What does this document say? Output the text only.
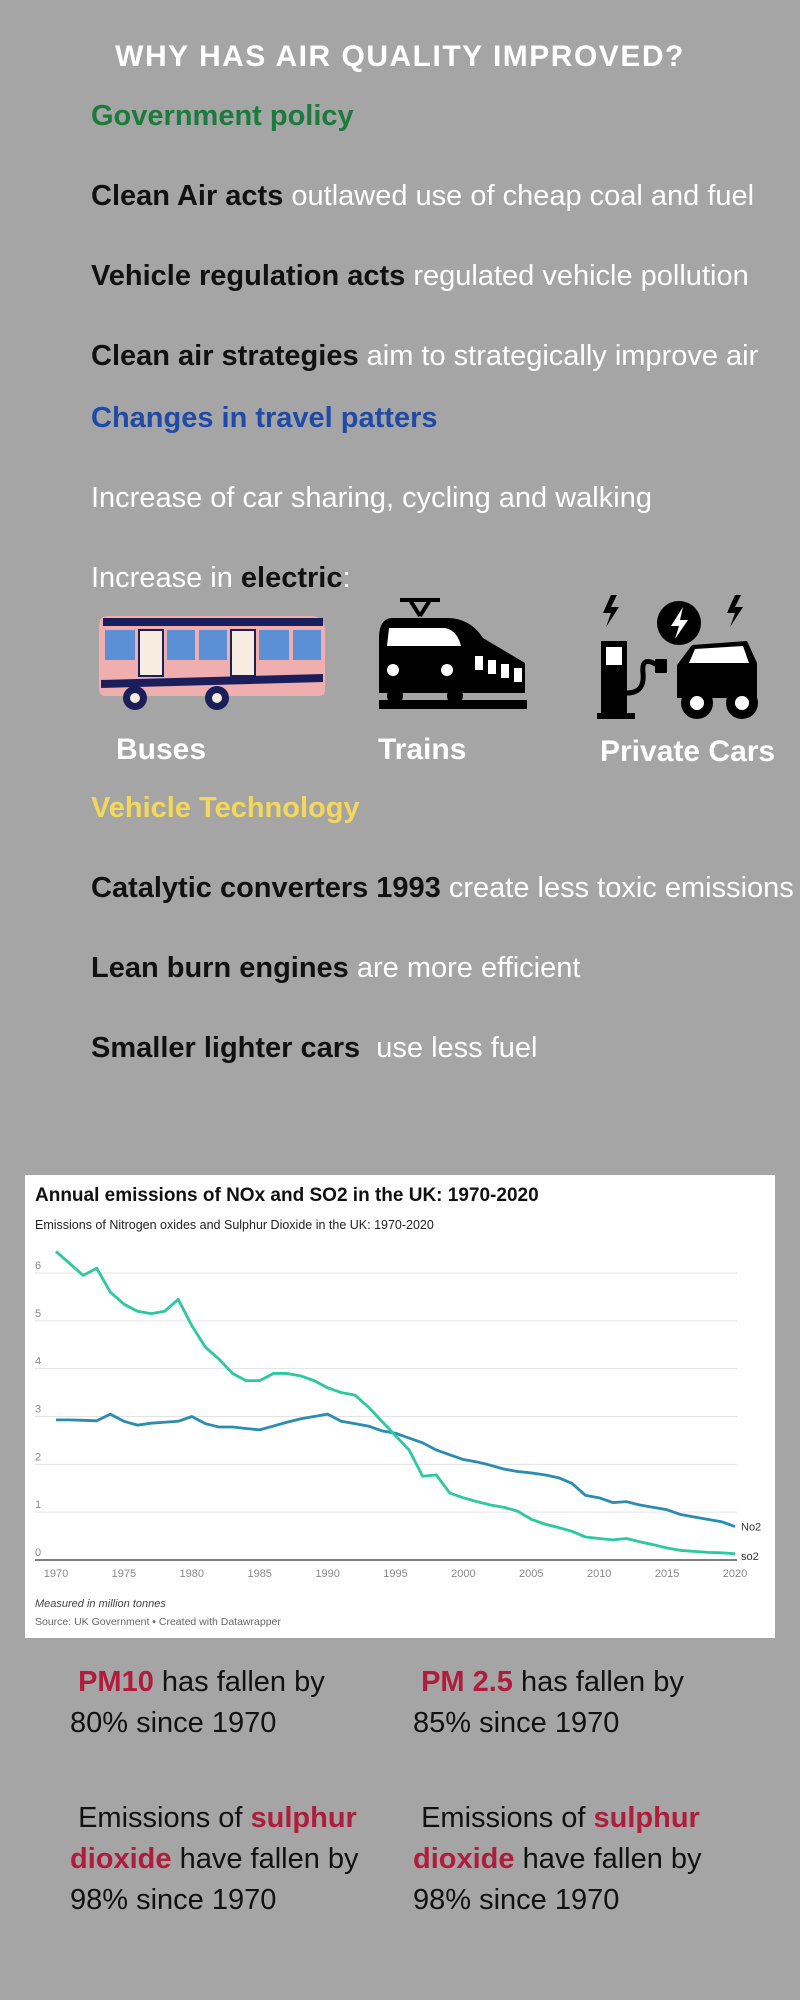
WHY HAS AIR QUALITY IMPROVED?
Government policy
Clean Air acts outlawed use of cheap coal and fuel
Vehicle regulation acts regulated vehicle pollution
Clean air strategies aim to strategically improve air
Changes in travel patters
Increase of car sharing, cycling and walking
Increase in electric:
Buses	Trains	Private Cars
Vehicle Technology
Catalytic converters 1993 create less toxic emissions
Lean burn engines are more efficient
Smaller lighter cars  use less fuel
Annual emissions of NOx and SO2 in the UK: 1970-2020
Emissions of Nitrogen oxides and Sulphur Dioxide in the UK: 1970-2020
0
1
2
3
4
5
6
1970	1975	1980	1985	1990	1995	2000	2005	2010	2015	2020
No2
so2
Measured in million tonnes
Source: UK Government • Created with Datawrapper
PM10 has fallen by 80% since 1970
PM 2.5 has fallen by 85% since 1970
Emissions of sulphur dioxide have fallen by 98% since 1970
Emissions of sulphur dioxide have fallen by 98% since 1970
